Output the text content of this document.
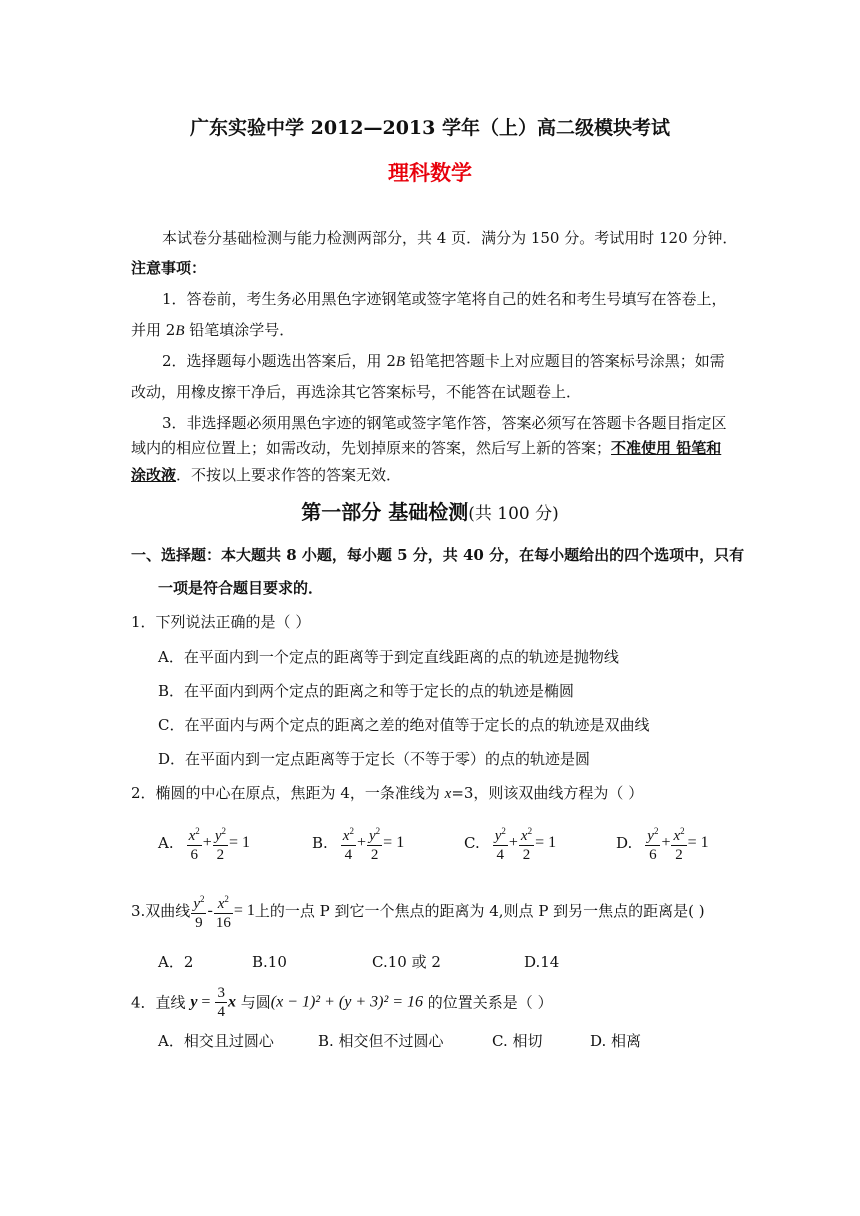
广东实验中学 2012—2013 学年（上）高二级模块考试
理科数学
本试卷分基础检测与能力检测两部分，共 4 页．满分为 150 分。考试用时 120 分钟．
注意事项：
1．答卷前，考生务必用黑色字迹钢笔或签字笔将自己的姓名和考生号填写在答卷上，
并用 2B 铅笔填涂学号．
2．选择题每小题选出答案后，用 2B 铅笔把答题卡上对应题目的答案标号涂黑；如需
改动，用橡皮擦干净后，再选涂其它答案标号，不能答在试题卷上．
3．非选择题必须用黑色字迹的钢笔或签字笔作答，答案必须写在答题卡各题目指定区
域内的相应位置上；如需改动，先划掉原来的答案，然后写上新的答案；不准使用 铅笔和
涂改液．不按以上要求作答的答案无效．
第一部分 基础检测(共 100 分)
一、选择题：本大题共 8 小题，每小题 5 分，共 40 分，在每小题给出的四个选项中，只有
一项是符合题目要求的．
1．下列说法正确的是（ ）
A．在平面内到一个定点的距离等于到定直线距离的点的轨迹是抛物线
B．在平面内到两个定点的距离之和等于定长的点的轨迹是椭圆
C．在平面内与两个定点的距离之差的绝对值等于定长的点的轨迹是双曲线
D．在平面内到一定点距离等于定长（不等于零）的点的轨迹是圆
2．椭圆的中心在原点，焦距为 4，一条准线为 x=3，则该双曲线方程为（ ）
A. $\frac{x^2}{6} + \frac{y^2}{2} = 1$	B. $\frac{x^2}{4} + \frac{y^2}{2} = 1$	C. $\frac{y^2}{4} + \frac{x^2}{2} = 1$	D. $\frac{y^2}{6} + \frac{x^2}{2} = 1$
3.双曲线 $\frac{y^2}{9} - \frac{x^2}{16} = 1$上的一点 P 到它一个焦点的距离为 4,则点 P 到另一焦点的距离是( )
A．2	B.10	C.10 或 2	D.14
4．直线 $y = \frac{3}{4}$ x 与圆(x − 1)² + (y + 3)² = 16 的位置关系是（ ）
A．相交且过圆心	B. 相交但不过圆心	C. 相切	D. 相离
